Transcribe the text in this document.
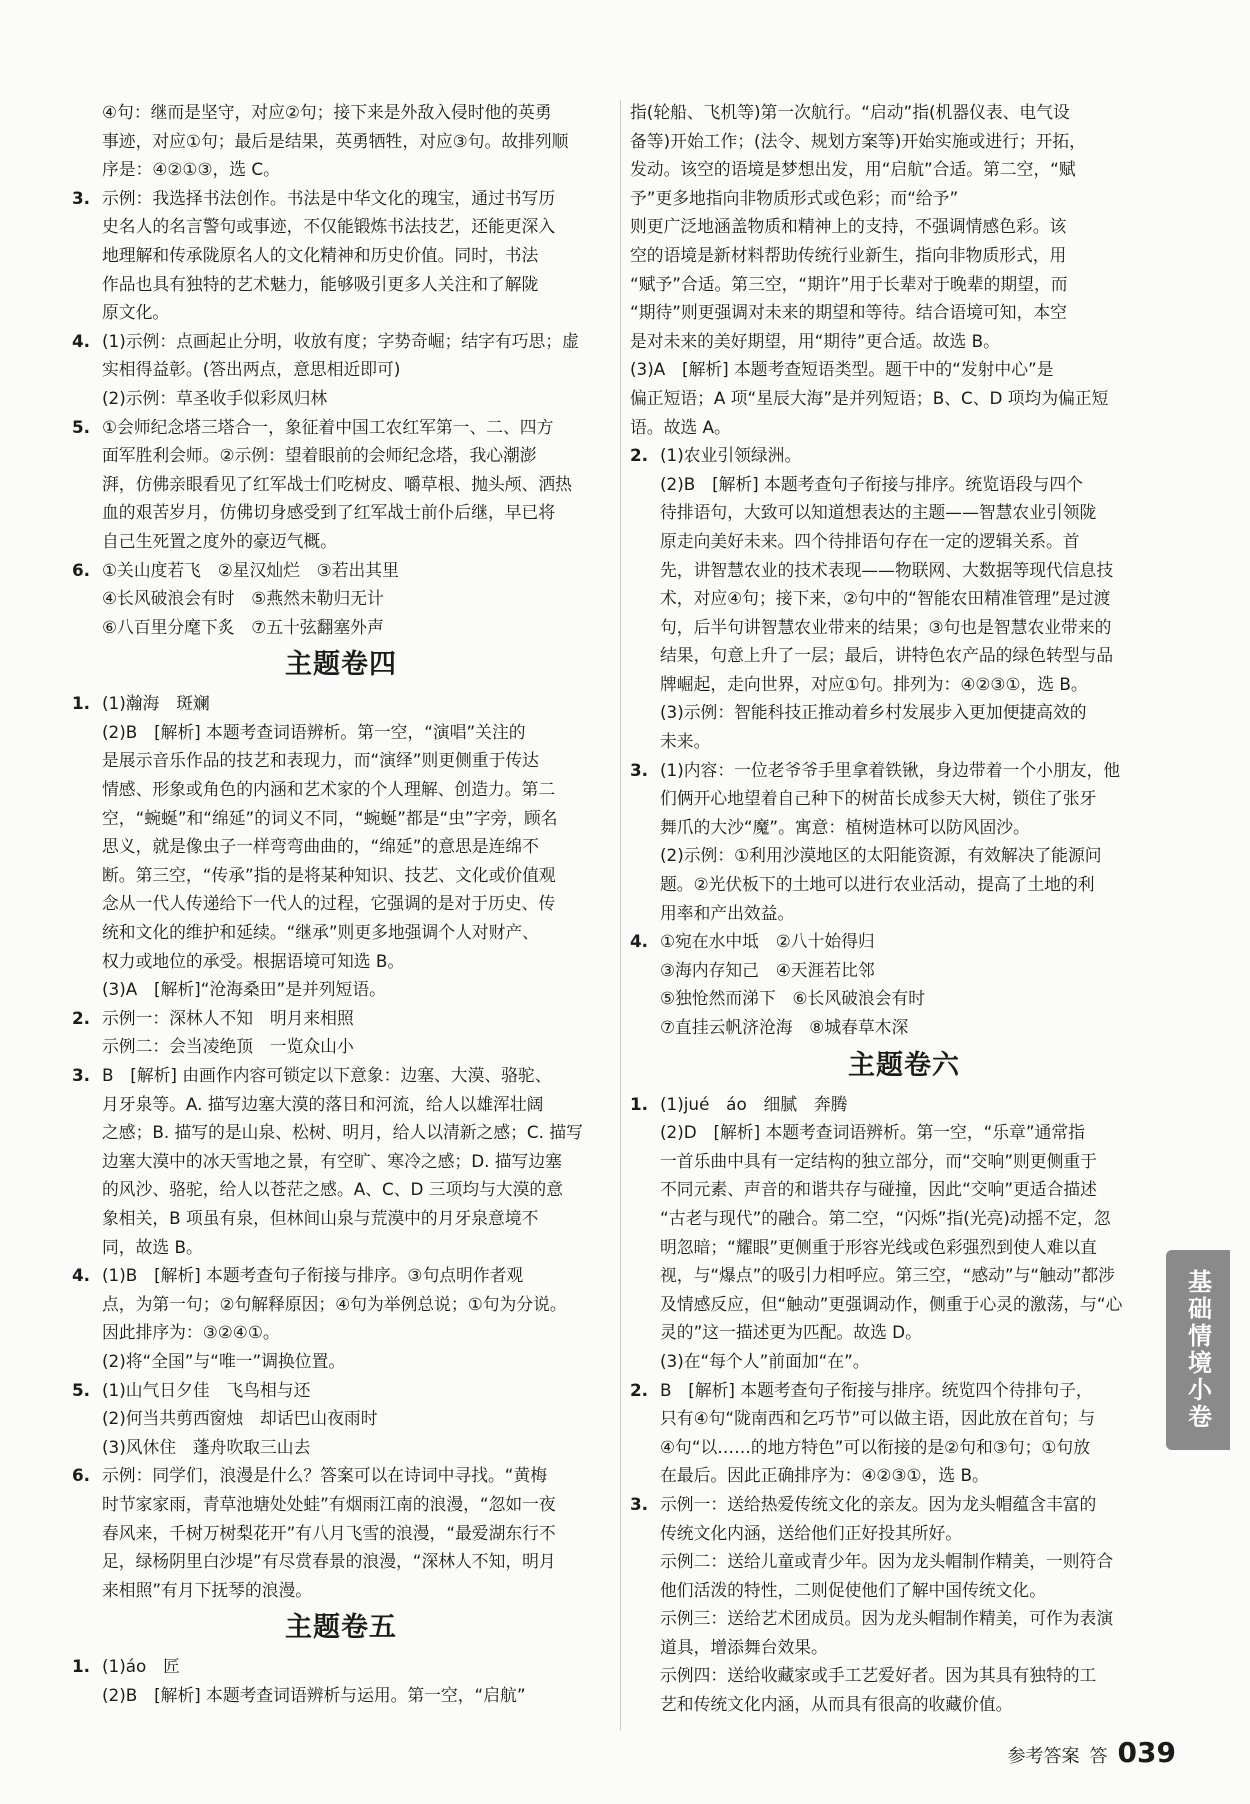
④句：继而是坚守，对应②句；接下来是外敌入侵时他的英勇
事迹，对应①句；最后是结果，英勇牺牲，对应③句。故排列顺
序是：④②①③，选 C。
3. 示例：我选择书法创作。书法是中华文化的瑰宝，通过书写历
史名人的名言警句或事迹，不仅能锻炼书法技艺，还能更深入
地理解和传承陇原名人的文化精神和历史价值。同时，书法
作品也具有独特的艺术魅力，能够吸引更多人关注和了解陇
原文化。
4. (1)示例：点画起止分明，收放有度；字势奇崛；结字有巧思；虚
实相得益彰。(答出两点，意思相近即可)
(2)示例：草圣收手似彩凤归林
5. ①会师纪念塔三塔合一，象征着中国工农红军第一、二、四方
面军胜利会师。②示例：望着眼前的会师纪念塔，我心潮澎
湃，仿佛亲眼看见了红军战士们吃树皮、嚼草根、抛头颅、洒热
血的艰苦岁月，仿佛切身感受到了红军战士前仆后继，早已将
自己生死置之度外的豪迈气概。
6. ①关山度若飞　②星汉灿烂　③若出其里
④长风破浪会有时　⑤燕然未勒归无计
⑥八百里分麾下炙　⑦五十弦翻塞外声
主题卷四
1. (1)瀚海　斑斓
(2)B　[解析] 本题考查词语辨析。第一空，“演唱”关注的
是展示音乐作品的技艺和表现力，而“演绎”则更侧重于传达
情感、形象或角色的内涵和艺术家的个人理解、创造力。第二
空，“蜿蜒”和“绵延”的词义不同，“蜿蜒”都是“虫”字旁，顾名
思义，就是像虫子一样弯弯曲曲的，“绵延”的意思是连绵不
断。第三空，“传承”指的是将某种知识、技艺、文化或价值观
念从一代人传递给下一代人的过程，它强调的是对于历史、传
统和文化的维护和延续。“继承”则更多地强调个人对财产、
权力或地位的承受。根据语境可知选 B。
(3)A　[解析]“沧海桑田”是并列短语。
2. 示例一：深林人不知　明月来相照
示例二：会当凌绝顶　一览众山小
3. B　[解析] 由画作内容可锁定以下意象：边塞、大漠、骆驼、
月牙泉等。A. 描写边塞大漠的落日和河流，给人以雄浑壮阔
之感；B. 描写的是山泉、松树、明月，给人以清新之感；C. 描写
边塞大漠中的冰天雪地之景，有空旷、寒冷之感；D. 描写边塞
的风沙、骆驼，给人以苍茫之感。A、C、D 三项均与大漠的意
象相关，B 项虽有泉，但林间山泉与荒漠中的月牙泉意境不
同，故选 B。
4. (1)B　[解析] 本题考查句子衔接与排序。③句点明作者观
点，为第一句；②句解释原因；④句为举例总说；①句为分说。
因此排序为：③②④①。
(2)将“全国”与“唯一”调换位置。
5. (1)山气日夕佳　飞鸟相与还
(2)何当共剪西窗烛　却话巴山夜雨时
(3)风休住　蓬舟吹取三山去
6. 示例：同学们，浪漫是什么？答案可以在诗词中寻找。“黄梅
时节家家雨，青草池塘处处蛙”有烟雨江南的浪漫，“忽如一夜
春风来，千树万树梨花开”有八月飞雪的浪漫，“最爱湖东行不
足，绿杨阴里白沙堤”有尽赏春景的浪漫，“深林人不知，明月
来相照”有月下抚琴的浪漫。
主题卷五
1. (1)áo　匠
(2)B　[解析] 本题考查词语辨析与运用。第一空，“启航”
指(轮船、飞机等)第一次航行。“启动”指(机器仪表、电气设
备等)开始工作；(法令、规划方案等)开始实施或进行；开拓，
发动。该空的语境是梦想出发，用“启航”合适。第二空，“赋
予”更多地指向非物质形式或色彩；而“给予”
则更广泛地涵盖物质和精神上的支持，不强调情感色彩。该
空的语境是新材料帮助传统行业新生，指向非物质形式，用
“赋予”合适。第三空，“期许”用于长辈对于晚辈的期望，而
“期待”则更强调对未来的期望和等待。结合语境可知，本空
是对未来的美好期望，用“期待”更合适。故选 B。
(3)A　[解析] 本题考查短语类型。题干中的“发射中心”是
偏正短语；A 项“星辰大海”是并列短语；B、C、D 项均为偏正短
语。故选 A。
2. (1)农业引领绿洲。
(2)B　[解析] 本题考查句子衔接与排序。统览语段与四个
待排语句，大致可以知道想表达的主题——智慧农业引领陇
原走向美好未来。四个待排语句存在一定的逻辑关系。首
先，讲智慧农业的技术表现——物联网、大数据等现代信息技
术，对应④句；接下来，②句中的“智能农田精准管理”是过渡
句，后半句讲智慧农业带来的结果；③句也是智慧农业带来的
结果，句意上升了一层；最后，讲特色农产品的绿色转型与品
牌崛起，走向世界，对应①句。排列为：④②③①，选 B。
(3)示例：智能科技正推动着乡村发展步入更加便捷高效的
未来。
3. (1)内容：一位老爷爷手里拿着铁锹，身边带着一个小朋友，他
们俩开心地望着自己种下的树苗长成参天大树，锁住了张牙
舞爪的大沙“魔”。寓意：植树造林可以防风固沙。
(2)示例：①利用沙漠地区的太阳能资源，有效解决了能源问
题。②光伏板下的土地可以进行农业活动，提高了土地的利
用率和产出效益。
4. ①宛在水中坻　②八十始得归
③海内存知己　④天涯若比邻
⑤独怆然而涕下　⑥长风破浪会有时
⑦直挂云帆济沧海　⑧城春草木深
主题卷六
1. (1)jué　áo　细腻　奔腾
(2)D　[解析] 本题考查词语辨析。第一空，“乐章”通常指
一首乐曲中具有一定结构的独立部分，而“交响”则更侧重于
不同元素、声音的和谐共存与碰撞，因此“交响”更适合描述
“古老与现代”的融合。第二空，“闪烁”指(光亮)动摇不定，忽
明忽暗；“耀眼”更侧重于形容光线或色彩强烈到使人难以直
视，与“爆点”的吸引力相呼应。第三空，“感动”与“触动”都涉
及情感反应，但“触动”更强调动作，侧重于心灵的激荡，与“心
灵的”这一描述更为匹配。故选 D。
(3)在“每个人”前面加“在”。
2. B　[解析] 本题考查句子衔接与排序。统览四个待排句子，
只有④句“陇南西和乞巧节”可以做主语，因此放在首句；与
④句“以……的地方特色”可以衔接的是②句和③句；①句放
在最后。因此正确排序为：④②③①，选 B。
3. 示例一：送给热爱传统文化的亲友。因为龙头帽蕴含丰富的
传统文化内涵，送给他们正好投其所好。
示例二：送给儿童或青少年。因为龙头帽制作精美，一则符合
他们活泼的特性，二则促使他们了解中国传统文化。
示例三：送给艺术团成员。因为龙头帽制作精美，可作为表演
道具，增添舞台效果。
示例四：送给收藏家或手工艺爱好者。因为其具有独特的工
艺和传统文化内涵，从而具有很高的收藏价值。
基础情境小卷
参考答案 答 039
